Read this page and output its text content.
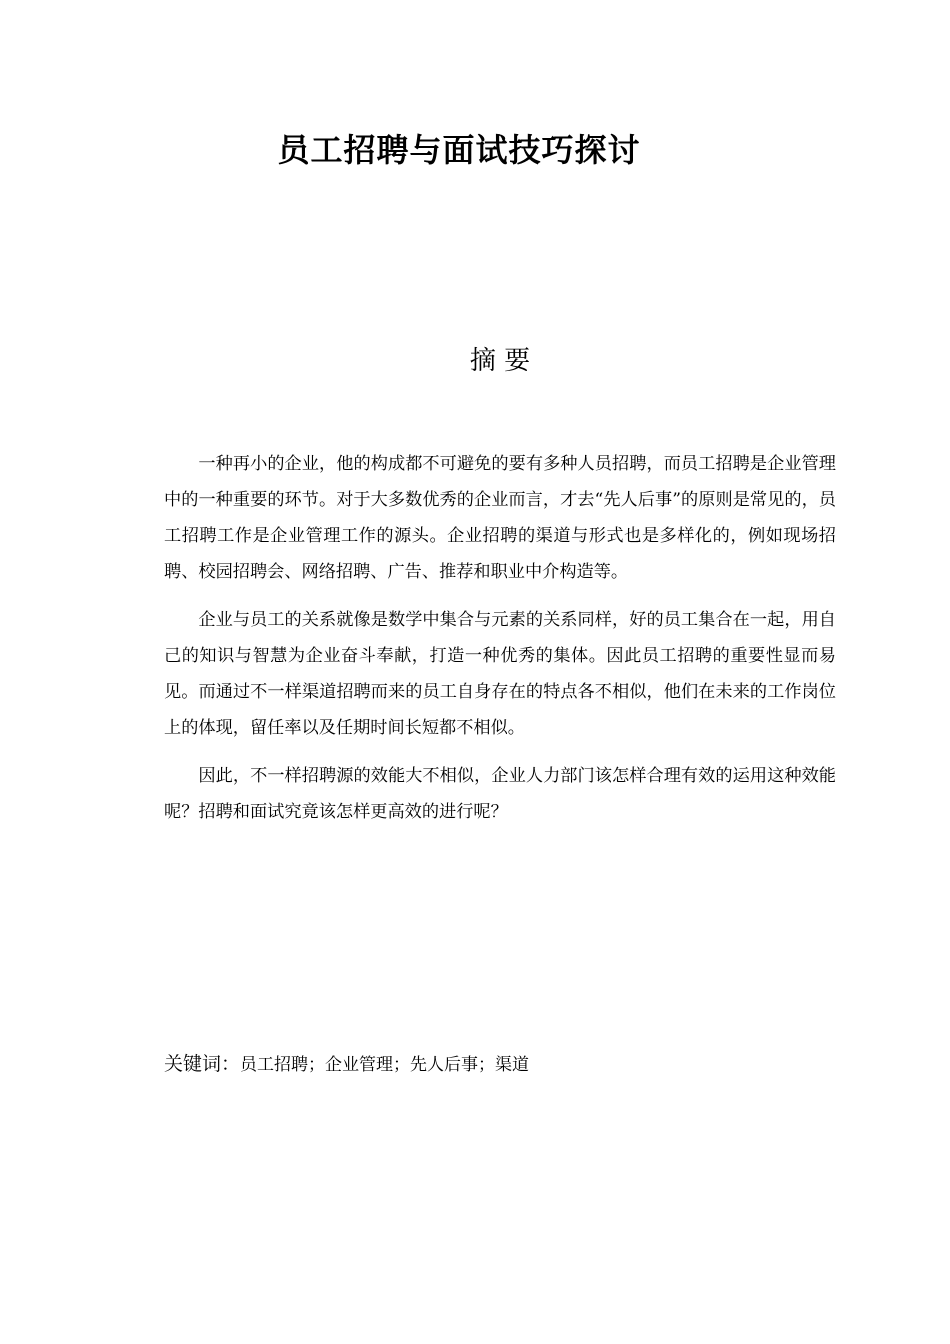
员工招聘与面试技巧探讨
摘 要

一种再小的企业，他的构成都不可避免的要有多种人员招聘，而员工招聘是企业管理中的一种重要的环节。对于大多数优秀的企业而言，才去“先人后事”的原则是常见的，员工招聘工作是企业管理工作的源头。企业招聘的渠道与形式也是多样化的，例如现场招聘、校园招聘会、网络招聘、广告、推荐和职业中介构造等。

企业与员工的关系就像是数学中集合与元素的关系同样，好的员工集合在一起，用自己的知识与智慧为企业奋斗奉献，打造一种优秀的集体。因此员工招聘的重要性显而易见。而通过不一样渠道招聘而来的员工自身存在的特点各不相似，他们在未来的工作岗位上的体现，留任率以及任期时间长短都不相似。

因此，不一样招聘源的效能大不相似，企业人力部门该怎样合理有效的运用这种效能呢？招聘和面试究竟该怎样更高效的进行呢？

关键词：员工招聘；企业管理；先人后事；渠道
